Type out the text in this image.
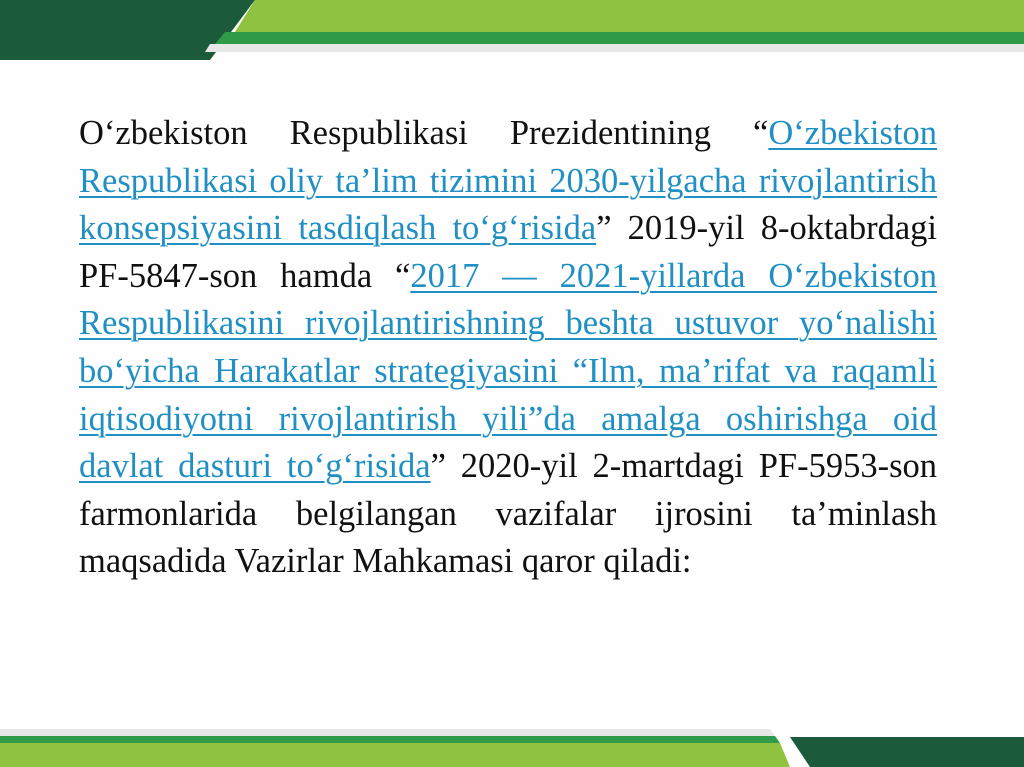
O‘zbekiston Respublikasi Prezidentining “O‘zbekiston Respublikasi oliy ta’lim tizimini 2030-yilgacha rivojlantirish konsepsiyasini tasdiqlash to‘g‘risida” 2019-yil 8-oktabrdagi PF-5847-son hamda “2017 — 2021-yillarda O‘zbekiston Respublikasini rivojlantirishning beshta ustuvor yo‘nalishi bo‘yicha Harakatlar strategiyasini “Ilm, ma’rifat va raqamli iqtisodiyotni rivojlantirish yili”da amalga oshirishga oid davlat dasturi to‘g‘risida” 2020-yil 2-martdagi PF-5953-son farmonlarida belgilangan vazifalar ijrosini ta’minlash maqsadida Vazirlar Mahkamasi qaror qiladi:
